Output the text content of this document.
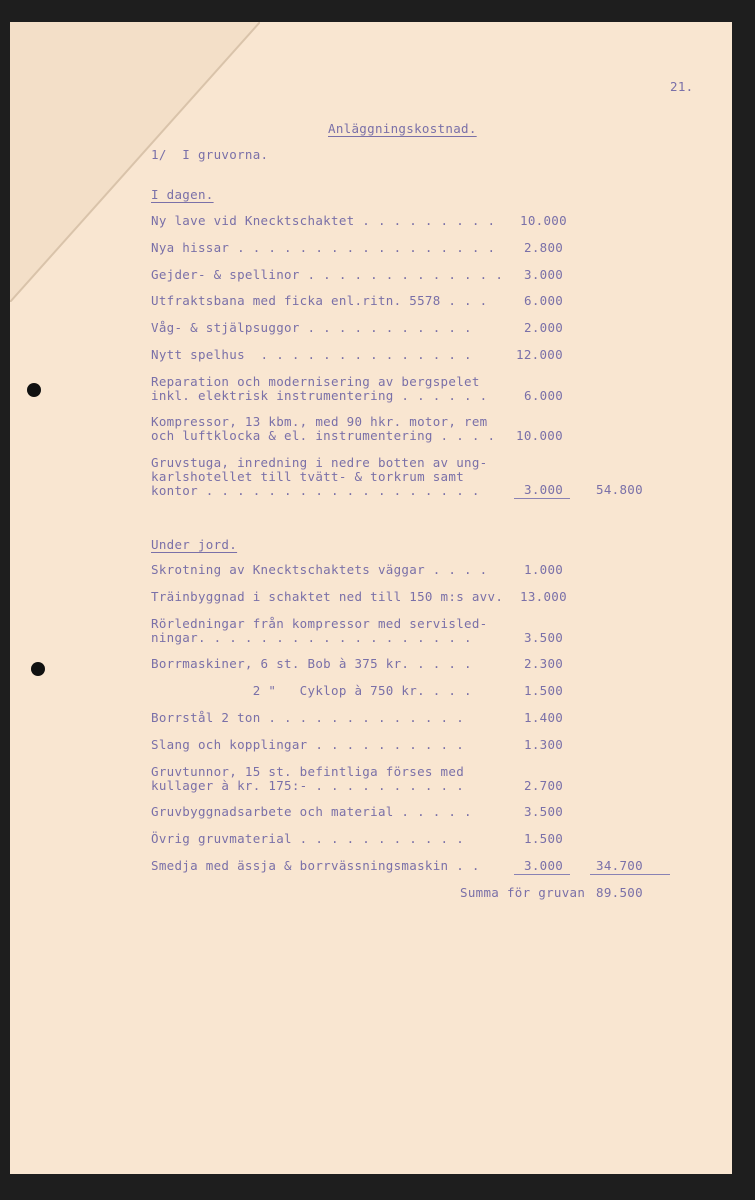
21.
Anläggningskostnad.
1/  I gruvorna.
I dagen.
Ny lave vid Knecktschaktet . . . . . . . . . 10.000
Nya hissar . . . . . . . . . . . . . . . . . 2.800
Gejder- & spellinor . . . . . . . . . . . . . 3.000
Utfraktsbana med ficka enl.ritn. 5578 . . .	6.000
Våg- & stjälpsuggor . . . . . . . . . . .	2.000
Nytt spelhus  . . . . . . . . . . . . . .	12.000
Reparation och modernisering av bergspelet
inkl. elektrisk instrumentering . . . . . .	6.000
Kompressor, 13 kbm., med 90 hkr. motor, rem
och luftklocka & el. instrumentering . . . . 10.000
Gruvstuga, inredning i nedre botten av ung-
karlshotellet till tvätt- & torkrum samt
kontor . . . . . . . . . . . . . . . . . .	3.000	54.800
Under jord.
Skrotning av Knecktschaktets väggar . . . .	1.000
Träinbyggnad i schaktet ned till 150 m:s avv. 13.000
Rörledningar från kompressor med servisled-
ningar. . . . . . . . . . . . . . . . . .	3.500
Borrmaskiner, 6 st. Bob à 375 kr. . . . .	2.300
2 "   Cyklop à 750 kr. . . .	1.500
Borrstål 2 ton . . . . . . . . . . . . .	1.400
Slang och kopplingar . . . . . . . . . .	1.300
Gruvtunnor, 15 st. befintliga förses med
kullager à kr. 175:- . . . . . . . . . .	2.700
Gruvbyggnadsarbete och material . . . . .	3.500
Övrig gruvmaterial . . . . . . . . . . .	1.500
Smedja med ässja & borrvässningsmaskin . .	3.000	34.700
Summa för gruvan 89.500
